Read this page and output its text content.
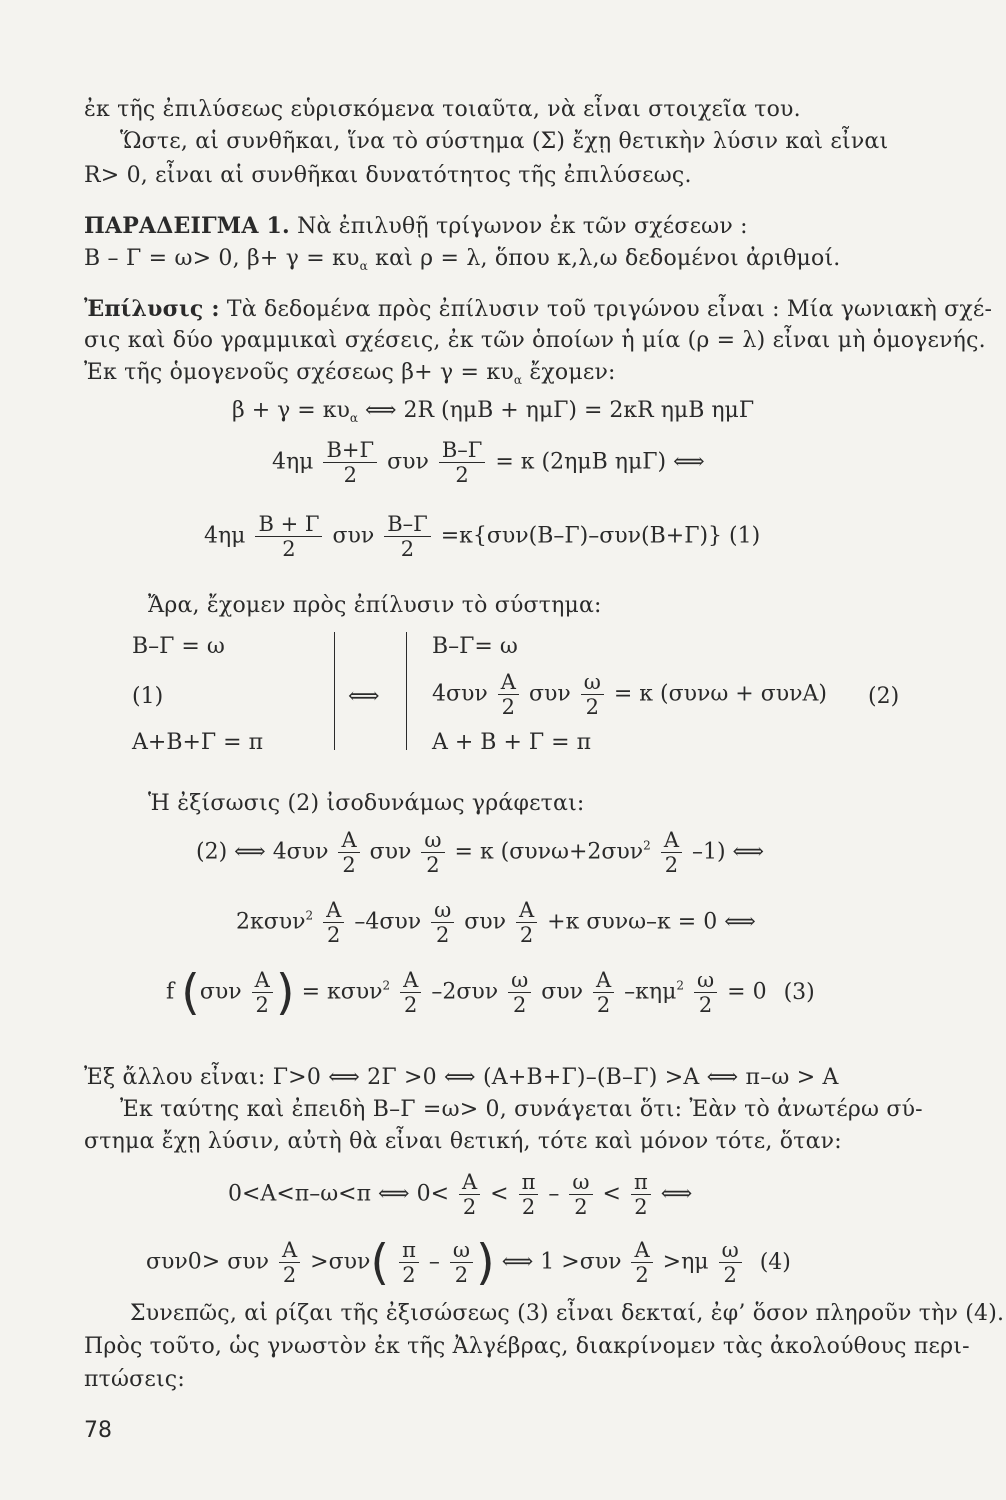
ἐκ τῆς ἐπιλύσεως εὑρισκόμενα τοιαῦτα, νὰ εἶναι στοιχεῖα του.
Ὥστε, αἱ συνθῆκαι, ἵνα τὸ σύστημα (Σ) ἔχῃ θετικὴν λύσιν καὶ εἶναι
R> 0, εἶναι αἱ συνθῆκαι δυνατότητος τῆς ἐπιλύσεως.
ΠΑΡΑΔΕΙΓΜΑ 1. Νὰ ἐπιλυθῇ τρίγωνον ἐκ τῶν σχέσεων :
Β – Γ = ω> 0, $\beta+ \gamma = \kappa\upsilon_\alpha$ καὶ ρ = λ, ὅπου κ,λ,ω δεδομένοι ἀριθμοί.
Ἐπίλυσις : Τὰ δεδομένα πρὸς ἐπίλυσιν τοῦ τριγώνου εἶναι : Μία γωνιακὴ σχέ-
σις καὶ δύο γραμμικαὶ σχέσεις, ἐκ τῶν ὁποίων ἡ μία (ρ = λ) εἶναι μὴ ὁμογενής.
Ἐκ τῆς ὁμογενοῦς σχέσεως $\beta+ \gamma = \kappa\upsilon_\alpha$ ἔχομεν:
$\beta + \gamma = \kappa\upsilon_\alpha$ ⟺ 2R (ημΒ + ημΓ) = 2κR ημΒ ημΓ
$4\eta\mu \frac{B+\Gamma}{2}$ συν $\frac{B-\Gamma}{2} = \kappa$ (2ημΒ ημΓ) ⟺
$4\eta\mu \frac{B + \Gamma}{2}$ συν $\frac{B-\Gamma}{2} =\kappa\{\sigma\upsilon\nu(B-\Gamma)-\sigma\upsilon\nu(B+\Gamma)\}$ (1)
Ἄρα, ἔχομεν πρὸς ἐπίλυσιν τὸ σύστημα:
Β–Γ = ω
(1)
Α+Β+Γ = π
⟺
Β–Γ= ω
$4\sigma\upsilon\nu \frac{A}{2}$ συν $\frac{\omega}{2} = \kappa$ (συνω + συνΑ) (2)
Α + Β + Γ = π
Ἡ ἐξίσωσις (2) ἰσοδυνάμως γράφεται:
(2) ⟺ $4\sigma\upsilon\nu \frac{A}{2}$ συν $\frac{\omega}{2} = \kappa$ $(\sigma\upsilon\nu\omega+2\sigma\upsilon\nu^2 \frac{A}{2} -1)$ ⟺
$2\kappa\sigma\upsilon\nu^2 \frac{A}{2} -4\sigma\upsilon\nu \frac{\omega}{2}$ συν $\frac{A}{2} +\kappa$ συνω–κ = 0 ⟺
f ($\sigma\upsilon\nu \frac{A}{2}$ ) = $\kappa\sigma\upsilon\nu^2 \frac{A}{2} -2\sigma\upsilon\nu \frac{\omega}{2}$ συν $\frac{A}{2} -\kappa\eta\mu^2 \frac{\omega}{2} = 0$ (3)
Ἐξ ἄλλου εἶναι: Γ>0 ⟺ 2Γ >0 ⟺ (Α+Β+Γ)–(Β–Γ) >Α ⟺ π–ω > Α
Ἐκ ταύτης καὶ ἐπειδὴ Β–Γ =ω> 0, συνάγεται ὅτι: Ἐὰν τὸ ἀνωτέρω σύ-
στημα ἔχῃ λύσιν, αὐτὴ θὰ εἶναι θετική, τότε καὶ μόνον τότε, ὅταν:
0<Α<π–ω<π ⟺ $0< \frac{A}{2} < \frac{\pi}{2} - \frac{\omega}{2} < \frac{\pi}{2}$ ⟺
συν0> συν $\frac{A}{2} >\sigma\upsilon\nu( \frac{\pi}{2} - \frac{\omega}{2}$ ) ⟺ $1 >\sigma\upsilon\nu \frac{A}{2} >\eta\mu \frac{\omega}{2} (4)$
Συνεπῶς, αἱ ρίζαι τῆς ἐξισώσεως (3) εἶναι δεκταί, ἐφ’ ὅσον πληροῦν τὴν (4).
Πρὸς τοῦτο, ὡς γνωστὸν ἐκ τῆς Ἀλγέβρας, διακρίνομεν τὰς ἀκολούθους περι-
πτώσεις:
78
